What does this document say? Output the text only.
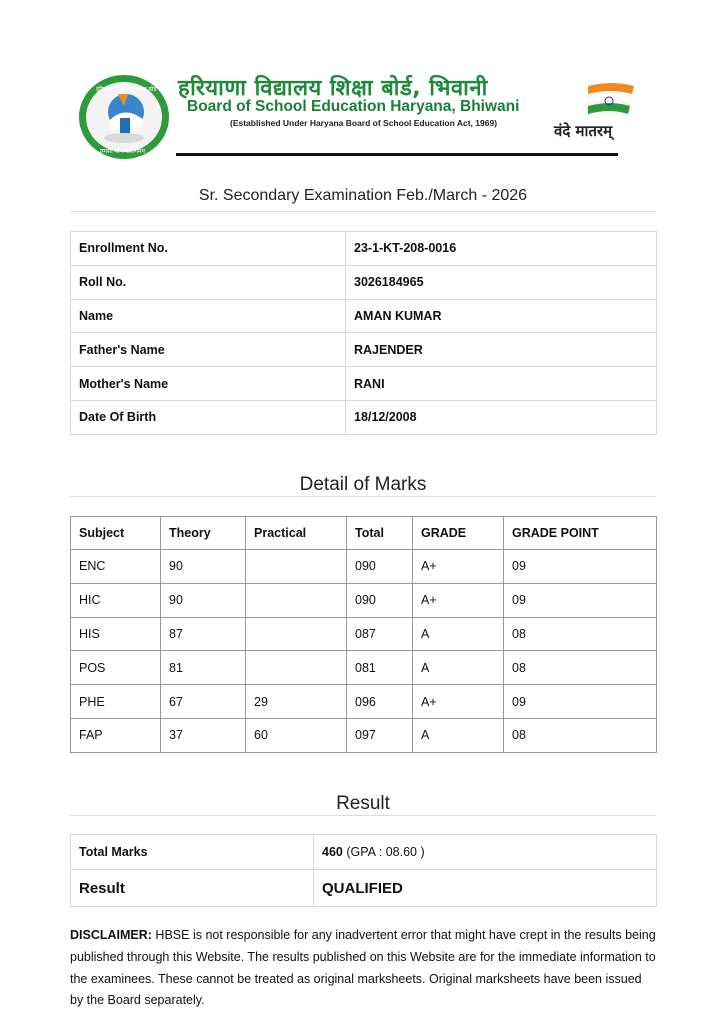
हरियाणा विद्यालय शिक्षा बोर्ड
तमसो मा ज्योतिर्गमय
हरियाणा विद्यालय शिक्षा बोर्ड, भिवानी
Board of School Education Haryana, Bhiwani
(Established Under Haryana Board of School Education Act, 1969)	वंदे मातरम्
Sr. Secondary Examination Feb./March - 2026
Enrollment No.	23-1-KT-208-0016
Roll No.	3026184965
Name	AMAN KUMAR
Father's Name	RAJENDER
Mother's Name	RANI
Date Of Birth	18/12/2008
Detail of Marks
Subject	Theory	Practical	Total	GRADE	GRADE POINT
ENC	90		090	A+	09
HIC	90		090	A+	09
HIS	87		087	A	08
POS	81		081	A	08
PHE	67	29	096	A+	09
FAP	37	60	097	A	08
Result
Total Marks	460 (GPA : 08.60 )
Result	QUALIFIED
DISCLAIMER: HBSE is not responsible for any inadvertent error that might have crept in the results being published through this Website. The results published on this Website are for the immediate information to the examinees. These cannot be treated as original marksheets. Original marksheets have been issued by the Board separately.
